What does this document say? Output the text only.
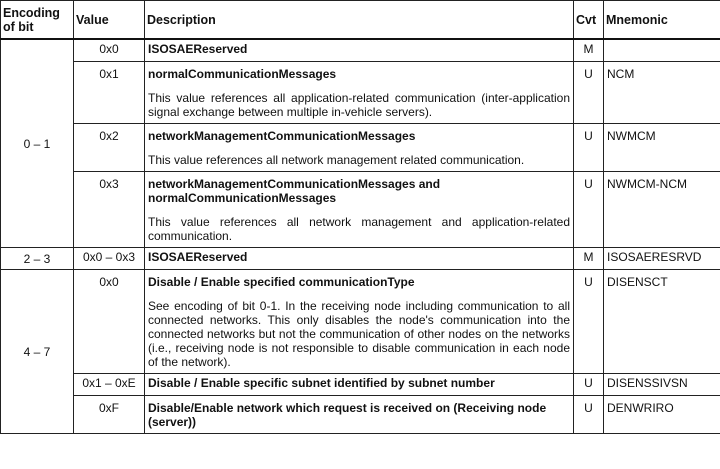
Encoding of bit	Value	Description	Cvt	Mnemonic
0 – 1	0x0	ISOSAEReserved	M	
	0x1	normalCommunicationMessages
This value references all application-related communication (inter-application signal exchange between multiple in-vehicle servers).	U	NCM
	0x2	networkManagementCommunicationMessages
This value references all network management related communication.	U	NWMCM
	0x3	networkManagementCommunicationMessages and normalCommunicationMessages
This value references all network management and application-related communication.	U	NWMCM-NCM
2 – 3	0x0 – 0x3	ISOSAEReserved	M	ISOSAERESRVD
4 – 7	0x0	Disable / Enable specified communicationType
See encoding of bit 0-1. In the receiving node including communication to all connected networks. This only disables the node's communication into the connected networks but not the communication of other nodes on the networks (i.e., receiving node is not responsible to disable communication in each node of the network).	U	DISENSCT
	0x1 – 0xE	Disable / Enable specific subnet identified by subnet number	U	DISENSSIVSN
	0xF	Disable/Enable network which request is received on (Receiving node (server))	U	DENWRIRO
